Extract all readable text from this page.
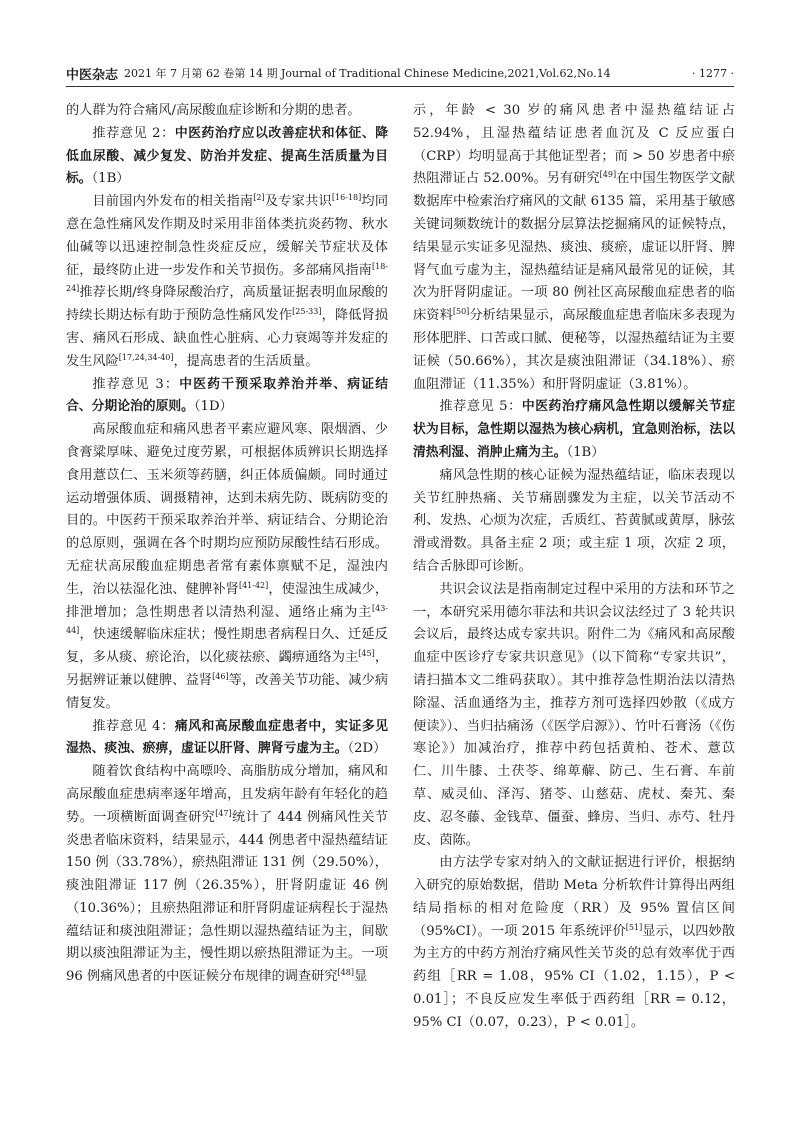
中医杂志 2021 年 7 月第 62 卷第 14 期 Journal of Traditional Chinese Medicine,2021,Vol.62,No.14	· 1277 ·

的人群为符合痛风/高尿酸血症诊断和分期的患者。

推荐意见 2：中医药治疗应以改善症状和体征、降低血尿酸、减少复发、防治并发症、提高生活质量为目标。（1B）

目前国内外发布的相关指南[2]及专家共识[16-18]均同意在急性痛风发作期及时采用非甾体类抗炎药物、秋水仙碱等以迅速控制急性炎症反应，缓解关节症状及体征，最终防止进一步发作和关节损伤。多部痛风指南[18-24]推荐长期/终身降尿酸治疗，高质量证据表明血尿酸的持续长期达标有助于预防急性痛风发作[25-33]，降低肾损害、痛风石形成、缺血性心脏病、心力衰竭等并发症的发生风险[17,24,34-40]，提高患者的生活质量。

推荐意见 3：中医药干预采取养治并举、病证结合、分期论治的原则。（1D）

高尿酸血症和痛风患者平素应避风寒、限烟酒、少食膏粱厚味、避免过度劳累，可根据体质辨识长期选择食用薏苡仁、玉米须等药膳，纠正体质偏颇。同时通过运动增强体质、调摄精神，达到未病先防、既病防变的目的。中医药干预采取养治并举、病证结合、分期论治的总原则，强调在各个时期均应预防尿酸性结石形成。无症状高尿酸血症期患者常有素体禀赋不足，湿浊内生，治以祛湿化浊、健脾补肾[41-42]，使湿浊生成减少，排泄增加；急性期患者以清热利湿、通络止痛为主[43-44]，快速缓解临床症状；慢性期患者病程日久、迁延反复，多从痰、瘀论治，以化痰祛瘀、蠲痹通络为主[45]，另据辨证兼以健脾、益肾[46]等，改善关节功能、减少病情复发。

推荐意见 4：痛风和高尿酸血症患者中，实证多见湿热、痰浊、瘀痹，虚证以肝肾、脾肾亏虚为主。（2D）

随着饮食结构中高嘌呤、高脂肪成分增加，痛风和高尿酸血症患病率逐年增高，且发病年龄有年轻化的趋势。一项横断面调查研究[47]统计了 444 例痛风性关节炎患者临床资料，结果显示，444 例患者中湿热蕴结证 150 例（33.78%），瘀热阻滞证 131 例（29.50%），痰浊阻滞证 117 例（26.35%），肝肾阴虚证 46 例（10.36%）；且瘀热阻滞证和肝肾阴虚证病程长于湿热蕴结证和痰浊阻滞证；急性期以湿热蕴结证为主，间歇期以痰浊阻滞证为主，慢性期以瘀热阻滞证为主。一项 96 例痛风患者的中医证候分布规律的调查研究[48]显

示，年龄 < 30 岁的痛风患者中湿热蕴结证占 52.94%，且湿热蕴结证患者血沉及 C 反应蛋白（CRP）均明显高于其他证型者；而 > 50 岁患者中瘀热阻滞证占 52.00%。另有研究[49]在中国生物医学文献数据库中检索治疗痛风的文献 6135 篇，采用基于敏感关键词频数统计的数据分层算法挖掘痛风的证候特点，结果显示实证多见湿热、痰浊、痰瘀，虚证以肝肾、脾肾气血亏虚为主，湿热蕴结证是痛风最常见的证候，其次为肝肾阴虚证。一项 80 例社区高尿酸血症患者的临床资料[50]分析结果显示，高尿酸血症患者临床多表现为形体肥胖、口苦或口腻、便秘等，以湿热蕴结证为主要证候（50.66%），其次是痰浊阻滞证（34.18%）、瘀血阻滞证（11.35%）和肝肾阴虚证（3.81%）。

推荐意见 5：中医药治疗痛风急性期以缓解关节症状为目标，急性期以湿热为核心病机，宜急则治标，法以清热利湿、消肿止痛为主。（1B）

痛风急性期的核心证候为湿热蕴结证，临床表现以关节红肿热痛、关节痛剧骤发为主症，以关节活动不利、发热、心烦为次症，舌质红、苔黄腻或黄厚，脉弦滑或滑数。具备主症 2 项；或主症 1 项，次症 2 项，结合舌脉即可诊断。

共识会议法是指南制定过程中采用的方法和环节之一，本研究采用德尔菲法和共识会议法经过了 3 轮共识会议后，最终达成专家共识。附件二为《痛风和高尿酸血症中医诊疗专家共识意见》（以下简称“专家共识”，请扫描本文二维码获取）。其中推荐急性期治法以清热除湿、活血通络为主，推荐方剂可选择四妙散（《成方便读》）、当归拈痛汤（《医学启源》）、竹叶石膏汤（《伤寒论》）加减治疗，推荐中药包括黄柏、苍术、薏苡仁、川牛膝、土茯苓、绵萆薢、防己、生石膏、车前草、威灵仙、泽泻、猪苓、山慈菇、虎杖、秦艽、秦皮、忍冬藤、金钱草、僵蚕、蜂房、当归、赤芍、牡丹皮、茵陈。

由方法学专家对纳入的文献证据进行评价，根据纳入研究的原始数据，借助 Meta 分析软件计算得出两组结局指标的相对危险度（RR）及 95% 置信区间（95%CI）。一项 2015 年系统评价[51]显示，以四妙散为主方的中药方剂治疗痛风性关节炎的总有效率优于西药组［RR = 1.08，95% CI（1.02，1.15），P < 0.01］；不良反应发生率低于西药组［RR = 0.12，95% CI（0.07，0.23），P < 0.01］。
